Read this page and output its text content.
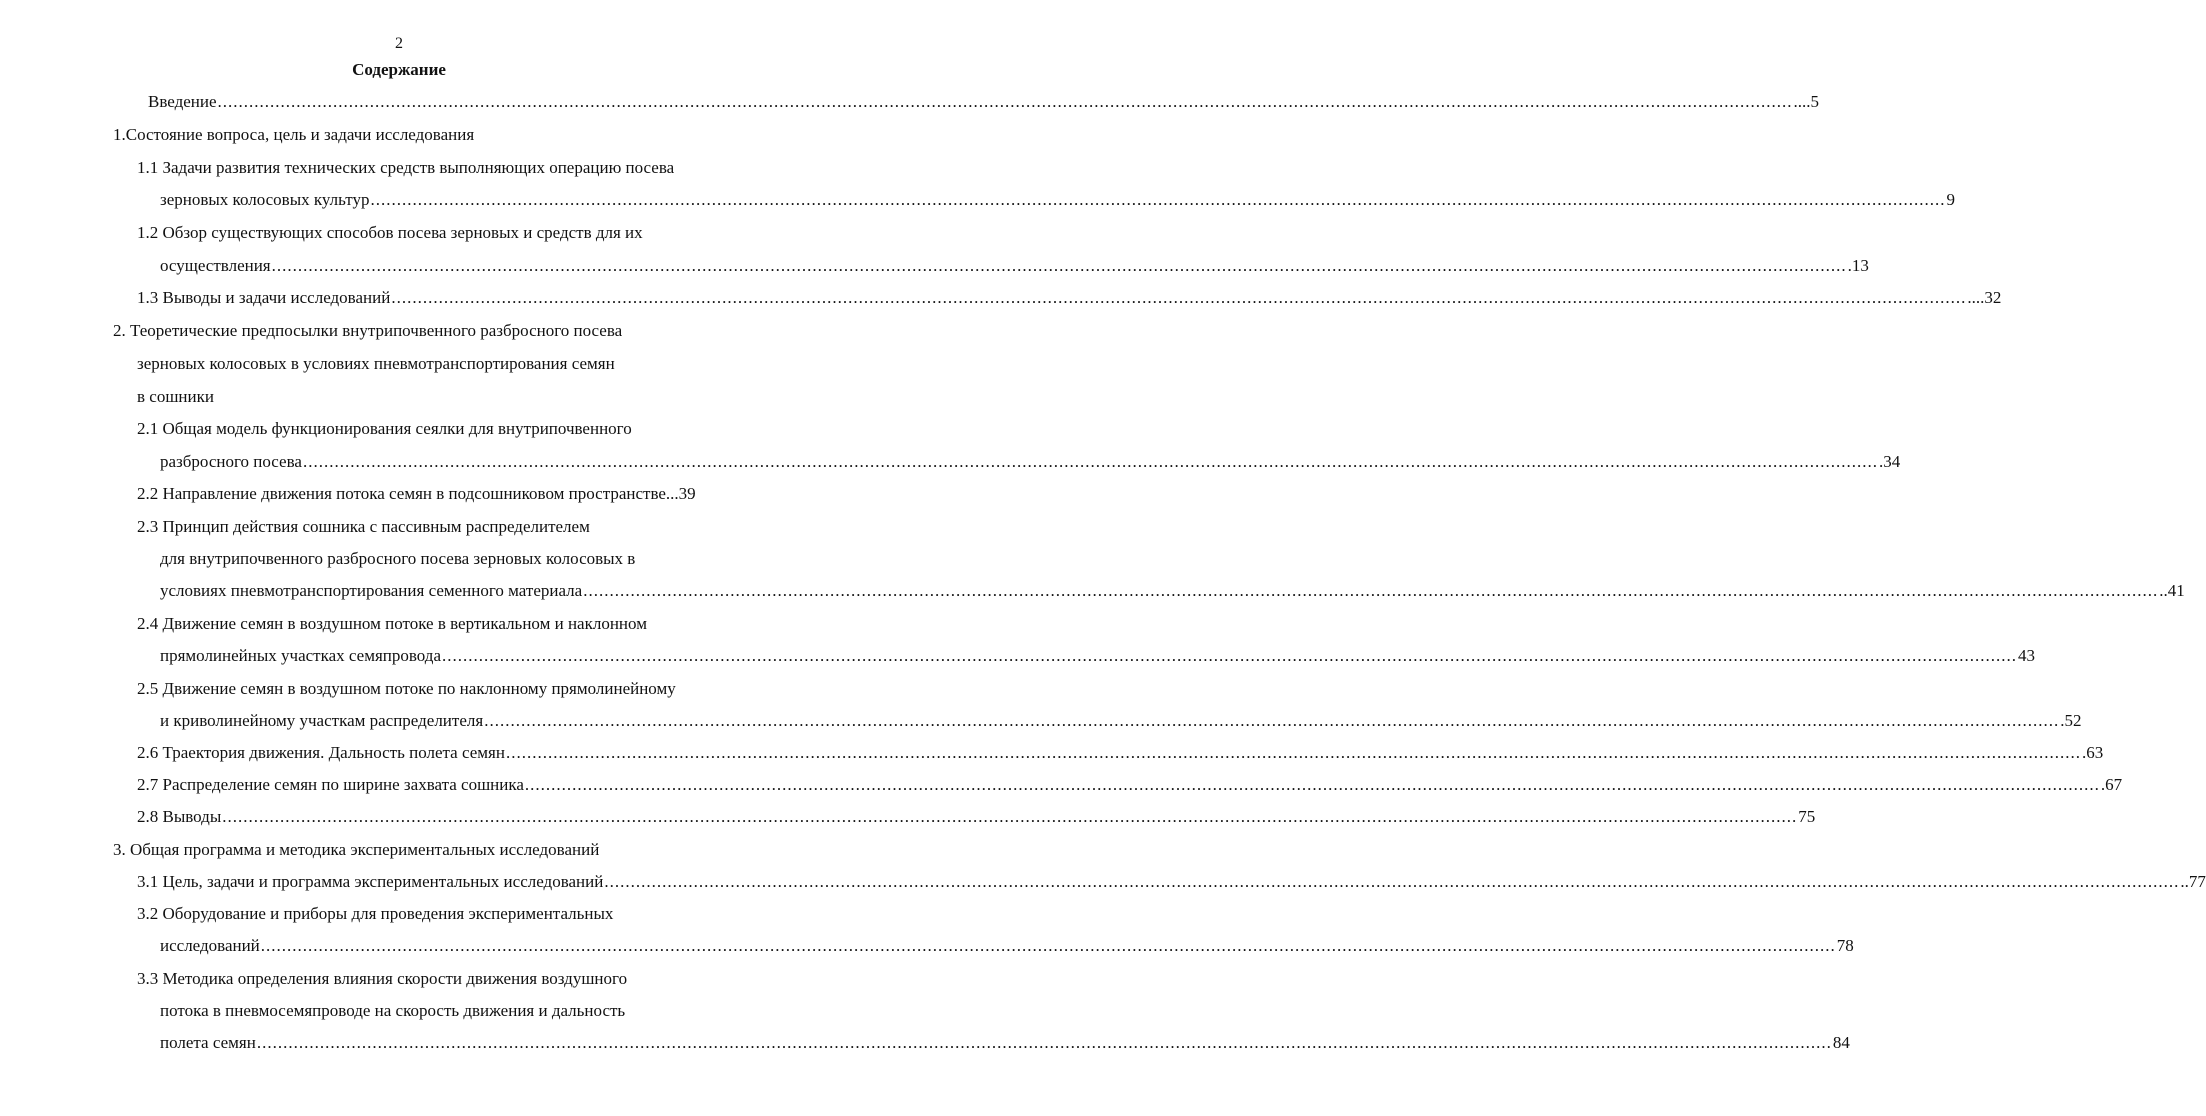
2
Содержание
Введение ............................................................................................................................................................................................................................................................................................................ ....5
1.Состояние вопроса, цель и задачи исследования
1.1 Задачи развития технических средств выполняющих операцию посева
зерновых колосовых культур ............................................................................................................................................................................................................................................................................................................ 9
1.2 Обзор существующих способов посева зерновых и средств для их
осуществления ............................................................................................................................................................................................................................................................................................................ .13
1.3 Выводы и задачи исследований ............................................................................................................................................................................................................................................................................................................ ....32
2. Теоретические предпосылки внутрипочвенного разбросного посева
зерновых колосовых в условиях пневмотранспортирования семян
в сошники
2.1 Общая модель функционирования сеялки для внутрипочвенного
разбросного посева ............................................................................................................................................................................................................................................................................................................ .34
2.2 Направление движения потока семян в подсошниковом пространстве...39
2.3 Принцип действия сошника с пассивным распределителем
для внутрипочвенного разбросного посева зерновых колосовых в
условиях пневмотранспортирования семенного материала ............................................................................................................................................................................................................................................................................................................ ..41
2.4 Движение семян в воздушном потоке в вертикальном и наклонном
прямолинейных участках семяпровода ............................................................................................................................................................................................................................................................................................................ 43
2.5 Движение семян в воздушном потоке по наклонному прямолинейному
и криволинейному участкам распределителя ............................................................................................................................................................................................................................................................................................................ .52
2.6 Траектория движения. Дальность полета семян ............................................................................................................................................................................................................................................................................................................ .63
2.7 Распределение семян по ширине захвата сошника ............................................................................................................................................................................................................................................................................................................ .67
2.8 Выводы ............................................................................................................................................................................................................................................................................................................ 75
3. Общая программа и методика экспериментальных исследований
3.1 Цель, задачи и программа экспериментальных исследований ............................................................................................................................................................................................................................................................................................................ ..77
3.2 Оборудование и приборы для проведения экспериментальных
исследований ............................................................................................................................................................................................................................................................................................................ 78
3.3 Методика определения влияния скорости движения воздушного
потока в пневмосемяпроводе на скорость движения и дальность
полета семян ............................................................................................................................................................................................................................................................................................................ 84
